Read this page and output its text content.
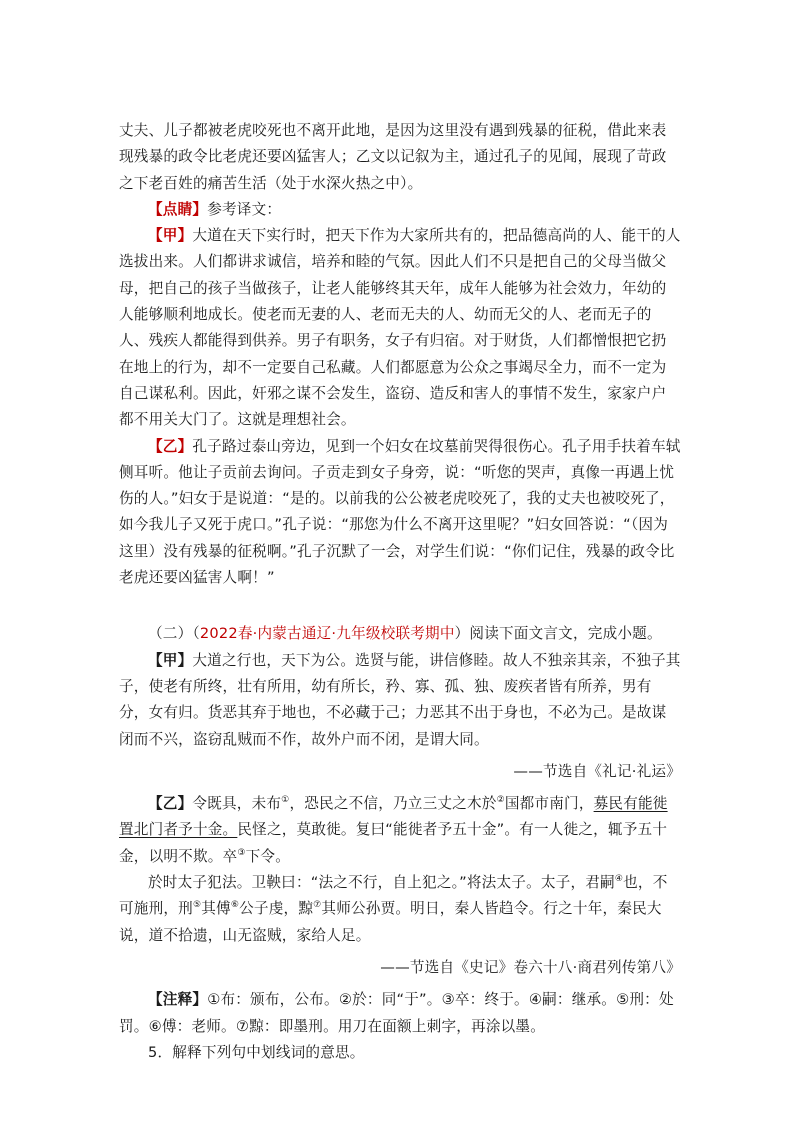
丈夫、儿子都被老虎咬死也不离开此地，是因为这里没有遇到残暴的征税，借此来表现残暴的政令比老虎还要凶猛害人；乙文以记叙为主，通过孔子的见闻，展现了苛政之下老百姓的痛苦生活（处于水深火热之中）。

【点睛】参考译文：

【甲】大道在天下实行时，把天下作为大家所共有的，把品德高尚的人、能干的人选拔出来。人们都讲求诚信，培养和睦的气氛。因此人们不只是把自己的父母当做父母，把自己的孩子当做孩子，让老人能够终其天年，成年人能够为社会效力，年幼的人能够顺利地成长。使老而无妻的人、老而无夫的人、幼而无父的人、老而无子的人、残疾人都能得到供养。男子有职务，女子有归宿。对于财货，人们都憎恨把它扔在地上的行为，却不一定要自己私藏。人们都愿意为公众之事竭尽全力，而不一定为自己谋私利。因此，奸邪之谋不会发生，盗窃、造反和害人的事情不发生，家家户户都不用关大门了。这就是理想社会。

【乙】孔子路过泰山旁边，见到一个妇女在坟墓前哭得很伤心。孔子用手扶着车轼侧耳听。他让子贡前去询问。子贡走到女子身旁，说：“听您的哭声，真像一再遇上忧伤的人。”妇女于是说道：“是的。以前我的公公被老虎咬死了，我的丈夫也被咬死了，如今我儿子又死于虎口。”孔子说：“那您为什么不离开这里呢？”妇女回答说：“（因为这里）没有残暴的征税啊。”孔子沉默了一会，对学生们说：“你们记住，残暴的政令比老虎还要凶猛害人啊！”

（二）（2022春·内蒙古通辽·九年级校联考期中）阅读下面文言文，完成小题。

【甲】大道之行也，天下为公。选贤与能，讲信修睦。故人不独亲其亲，不独子其子，使老有所终，壮有所用，幼有所长，矜、寡、孤、独、废疾者皆有所养，男有分，女有归。货恶其弃于地也，不必藏于己；力恶其不出于身也，不必为己。是故谋闭而不兴，盗窃乱贼而不作，故外户而不闭，是谓大同。

——节选自《礼记·礼运》

【乙】令既具，未布①，恐民之不信，乃立三丈之木於②国都市南门，募民有能徙置北门者予十金。民怪之，莫敢徙。复曰“能徙者予五十金”。有一人徙之，辄予五十金，以明不欺。卒③下令。

於时太子犯法。卫鞅曰：“法之不行，自上犯之。”将法太子。太子，君嗣④也，不可施刑，刑⑤其傅⑥公子虔，黥⑦其师公孙贾。明日，秦人皆趋令。行之十年，秦民大说，道不拾遗，山无盗贼，家给人足。

——节选自《史记》卷六十八·商君列传第八》

【注释】①布：颁布，公布。②於：同“于”。③卒：终于。④嗣：继承。⑤刑：处罚。⑥傅：老师。⑦黥：即墨刑。用刀在面额上刺字，再涂以墨。

5．解释下列句中划线词的意思。
